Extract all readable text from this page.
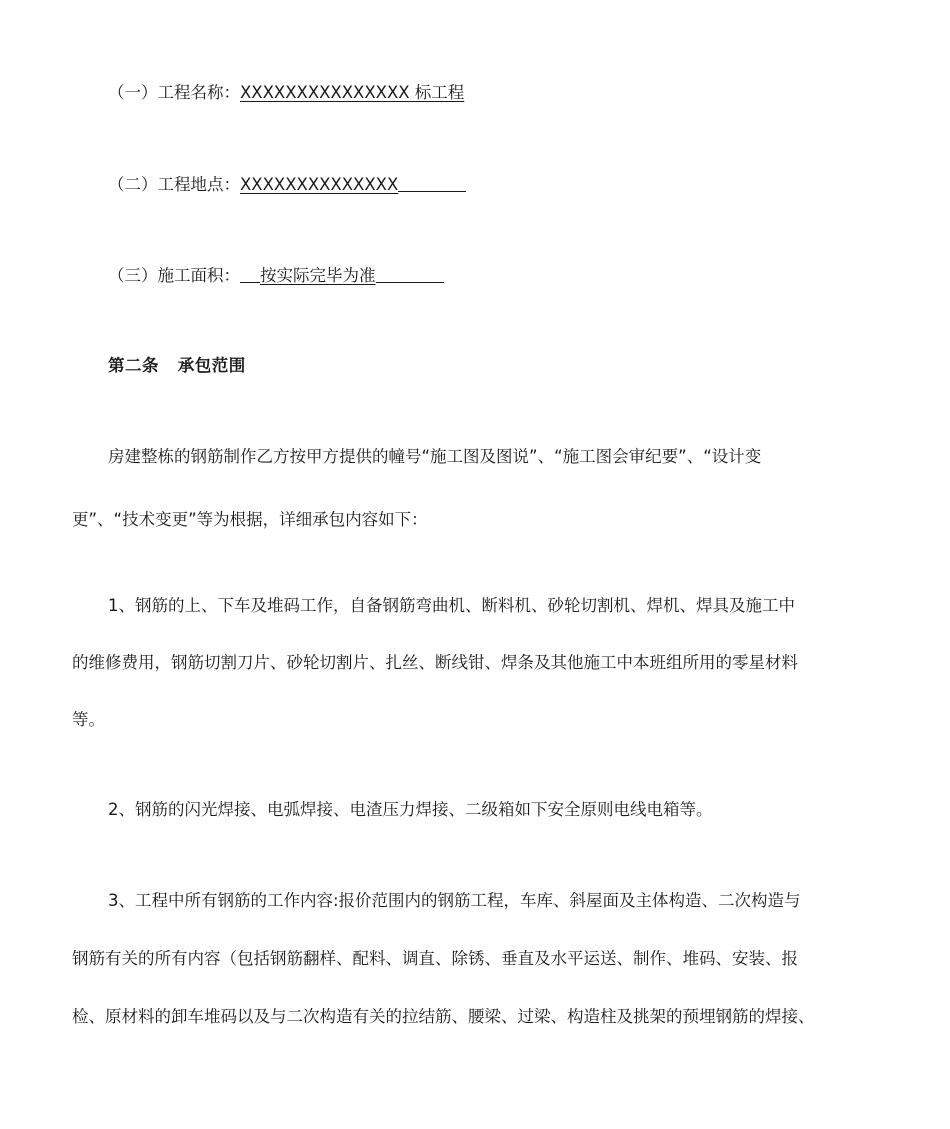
（一）工程名称：XXXXXXXXXXXXXXX 标工程
（二）工程地点：XXXXXXXXXXXXXX
（三）施工面积： 按实际完毕为准
第二条   承包范围
房建整栋的钢筋制作乙方按甲方提供的幢号“施工图及图说”、“施工图会审纪要”、“设计变
更”、“技术变更”等为根据，详细承包内容如下：
1、钢筋的上、下车及堆码工作，自备钢筋弯曲机、断料机、砂轮切割机、焊机、焊具及施工中
的维修费用，钢筋切割刀片、砂轮切割片、扎丝、断线钳、焊条及其他施工中本班组所用的零星材料
等。
2、钢筋的闪光焊接、电弧焊接、电渣压力焊接、二级箱如下安全原则电线电箱等。
3、工程中所有钢筋的工作内容:报价范围内的钢筋工程，车库、斜屋面及主体构造、二次构造与
钢筋有关的所有内容（包括钢筋翻样、配料、调直、除锈、垂直及水平运送、制作、堆码、安装、报
检、原材料的卸车堆码以及与二次构造有关的拉结筋、腰梁、过梁、构造柱及挑架的预埋钢筋的焊接、
